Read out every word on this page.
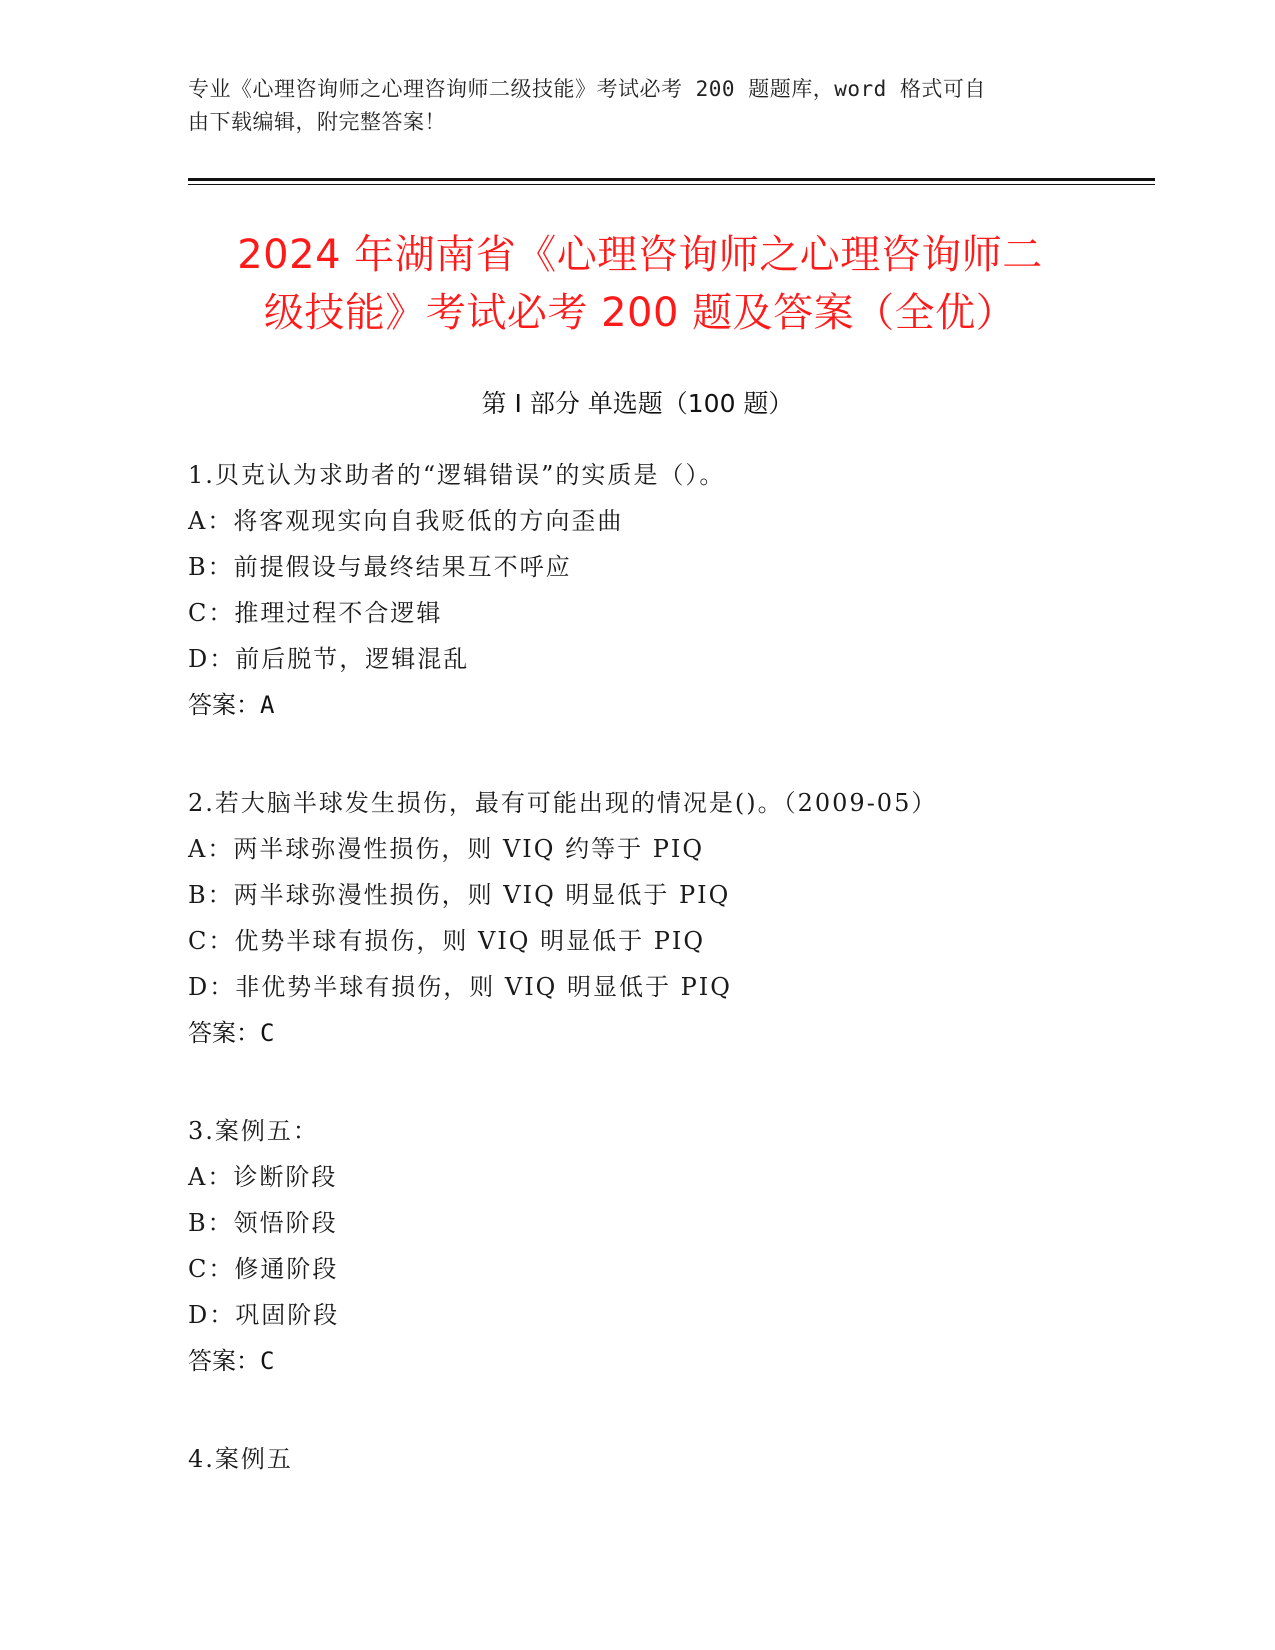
专业《心理咨询师之心理咨询师二级技能》考试必考 200 题题库，word 格式可自
由下载编辑，附完整答案！
2024 年湖南省《心理咨询师之心理咨询师二
级技能》考试必考 200 题及答案（全优）
第 I 部分 单选题（100 题）
1.贝克认为求助者的“逻辑错误”的实质是（）。
A：将客观现实向自我贬低的方向歪曲
B：前提假设与最终结果互不呼应
C：推理过程不合逻辑
D：前后脱节，逻辑混乱
答案：A
2.若大脑半球发生损伤，最有可能出现的情况是()。（2009-05）
A：两半球弥漫性损伤，则 VIQ 约等于 PIQ
B：两半球弥漫性损伤，则 VIQ 明显低于 PIQ
C：优势半球有损伤，则 VIQ 明显低于 PIQ
D：非优势半球有损伤，则 VIQ 明显低于 PIQ
答案：C
3.案例五：
A：诊断阶段
B：领悟阶段
C：修通阶段
D：巩固阶段
答案：C
4.案例五
